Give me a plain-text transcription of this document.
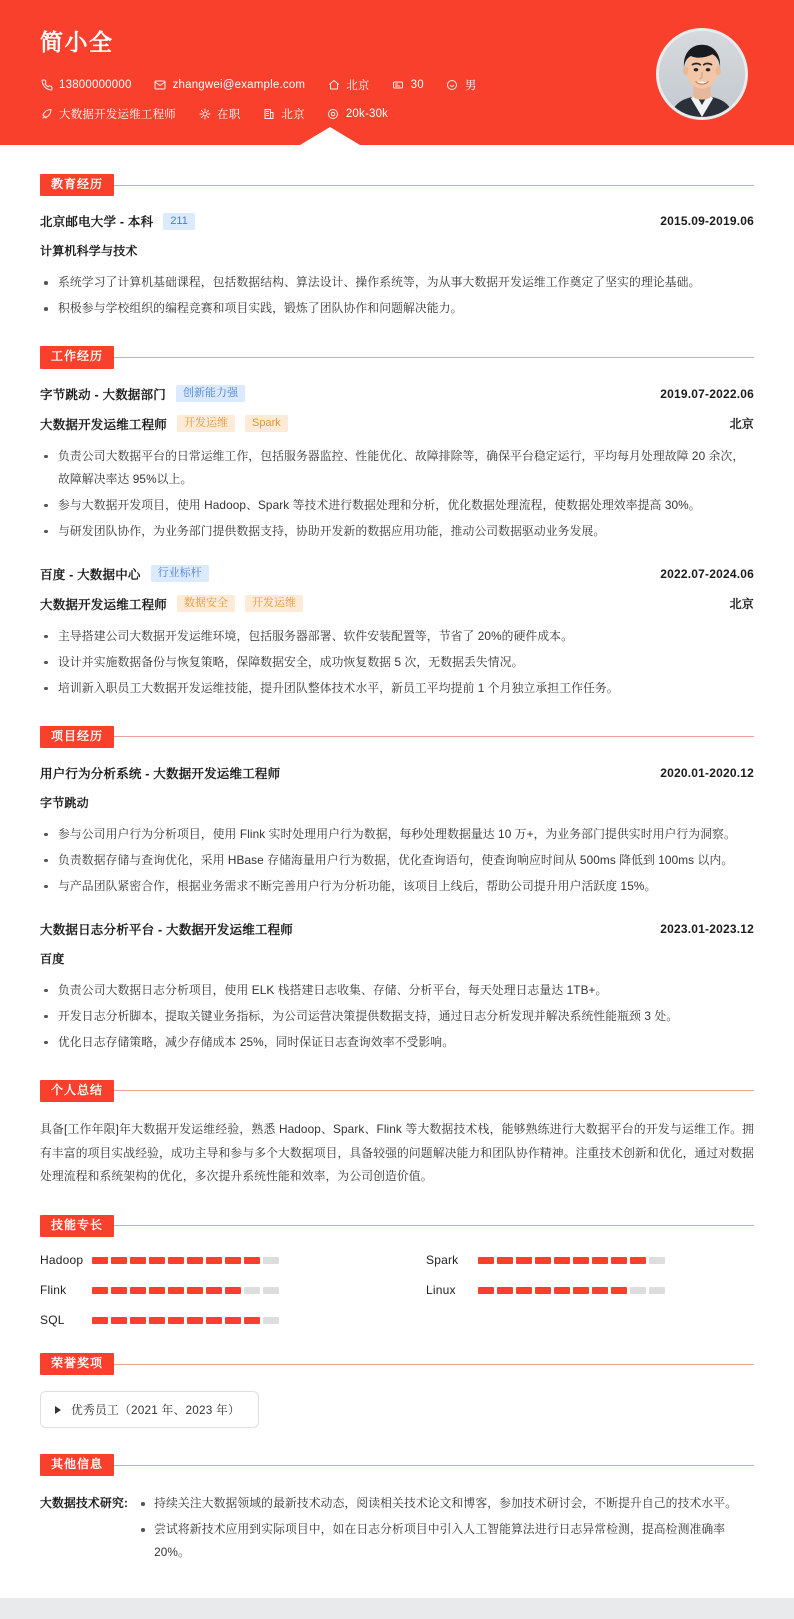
简小全
13800000000	zhangwei@example.com	北京	30	男
大数据开发运维工程师	在职	北京	20k-30k
教育经历
北京邮电大学 - 本科	211	2015.09-2019.06
计算机科学与技术
系统学习了计算机基础课程，包括数据结构、算法设计、操作系统等，为从事大数据开发运维工作奠定了坚实的理论基础。
积极参与学校组织的编程竞赛和项目实践，锻炼了团队协作和问题解决能力。
工作经历
字节跳动 - 大数据部门	创新能力强	2019.07-2022.06
大数据开发运维工程师	开发运维	Spark	北京
负责公司大数据平台的日常运维工作，包括服务器监控、性能优化、故障排除等，确保平台稳定运行，平均每月处理故障 20 余次，故障解决率达 95%以上。
参与大数据开发项目，使用 Hadoop、Spark 等技术进行数据处理和分析，优化数据处理流程，使数据处理效率提高 30%。
与研发团队协作，为业务部门提供数据支持，协助开发新的数据应用功能，推动公司数据驱动业务发展。
百度 - 大数据中心	行业标杆	2022.07-2024.06
大数据开发运维工程师	数据安全	开发运维	北京
主导搭建公司大数据开发运维环境，包括服务器部署、软件安装配置等，节省了 20%的硬件成本。
设计并实施数据备份与恢复策略，保障数据安全，成功恢复数据 5 次，无数据丢失情况。
培训新入职员工大数据开发运维技能，提升团队整体技术水平，新员工平均提前 1 个月独立承担工作任务。
项目经历
用户行为分析系统 - 大数据开发运维工程师	2020.01-2020.12
字节跳动
参与公司用户行为分析项目，使用 Flink 实时处理用户行为数据，每秒处理数据量达 10 万+，为业务部门提供实时用户行为洞察。
负责数据存储与查询优化，采用 HBase 存储海量用户行为数据，优化查询语句，使查询响应时间从 500ms 降低到 100ms 以内。
与产品团队紧密合作，根据业务需求不断完善用户行为分析功能，该项目上线后，帮助公司提升用户活跃度 15%。
大数据日志分析平台 - 大数据开发运维工程师	2023.01-2023.12
百度
负责公司大数据日志分析项目，使用 ELK 栈搭建日志收集、存储、分析平台，每天处理日志量达 1TB+。
开发日志分析脚本，提取关键业务指标，为公司运营决策提供数据支持，通过日志分析发现并解决系统性能瓶颈 3 处。
优化日志存储策略，减少存储成本 25%，同时保证日志查询效率不受影响。
个人总结
具备[工作年限]年大数据开发运维经验，熟悉 Hadoop、Spark、Flink 等大数据技术栈，能够熟练进行大数据平台的开发与运维工作。拥有丰富的项目实战经验，成功主导和参与多个大数据项目，具备较强的问题解决能力和团队协作精神。注重技术创新和优化，通过对数据处理流程和系统架构的优化，多次提升系统性能和效率，为公司创造价值。
技能专长
Hadoop	Spark
Flink	Linux
SQL
荣誉奖项
优秀员工（2021 年、2023 年）
其他信息
大数据技术研究:	持续关注大数据领域的最新技术动态，阅读相关技术论文和博客，参加技术研讨会，不断提升自己的技术水平。
尝试将新技术应用到实际项目中，如在日志分析项目中引入人工智能算法进行日志异常检测，提高检测准确率 20%。
